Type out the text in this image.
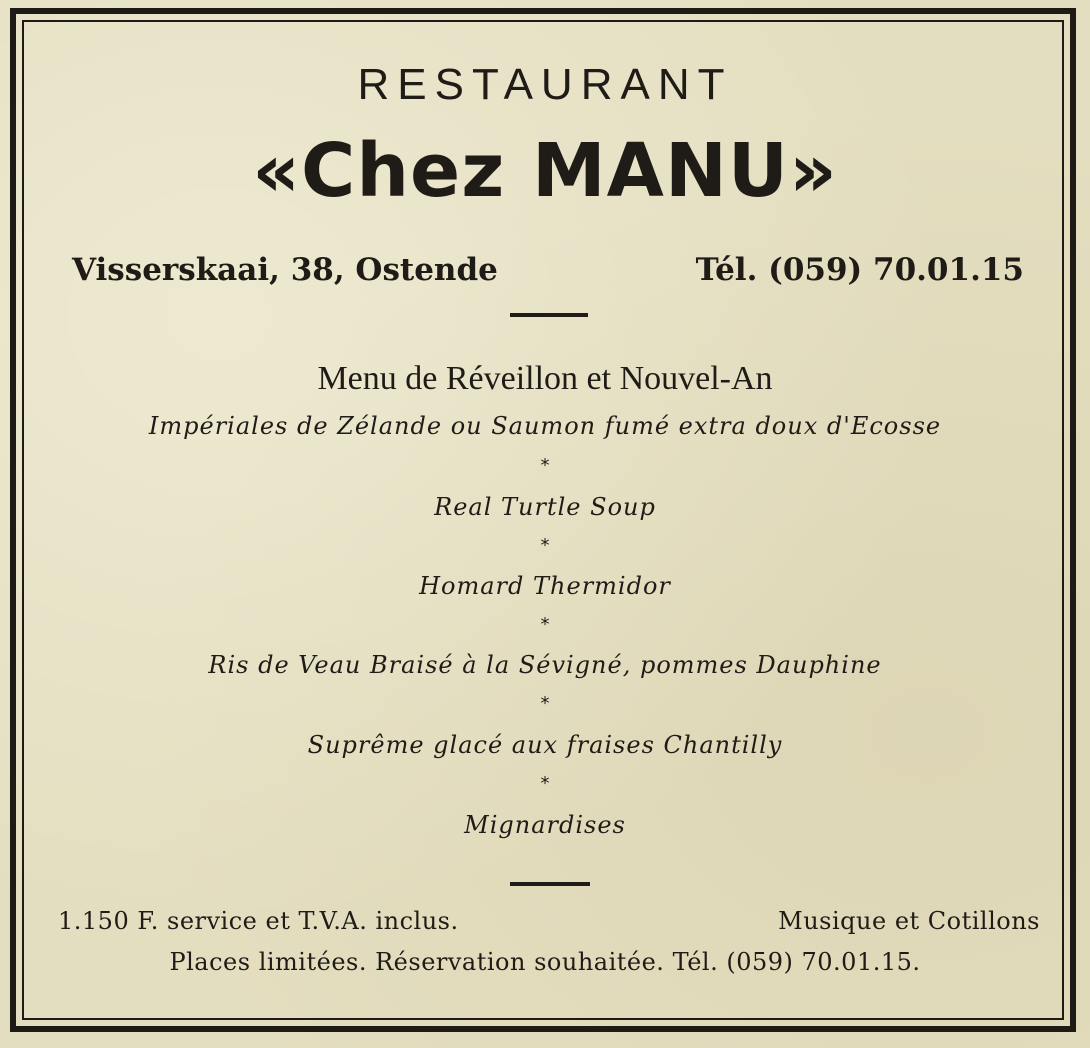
RESTAURANT
«Chez MANU»
Visserskaai, 38, Ostende	Tél. (059) 70.01.15
Menu de Réveillon et Nouvel-An
Impériales de Zélande ou Saumon fumé extra doux d'Ecosse
*
Real Turtle Soup
*
Homard Thermidor
*
Ris de Veau Braisé à la Sévigné, pommes Dauphine
*
Suprême glacé aux fraises Chantilly
*
Mignardises
1.150 F. service et T.V.A. inclus.	Musique et Cotillons
Places limitées. Réservation souhaitée. Tél. (059) 70.01.15.
